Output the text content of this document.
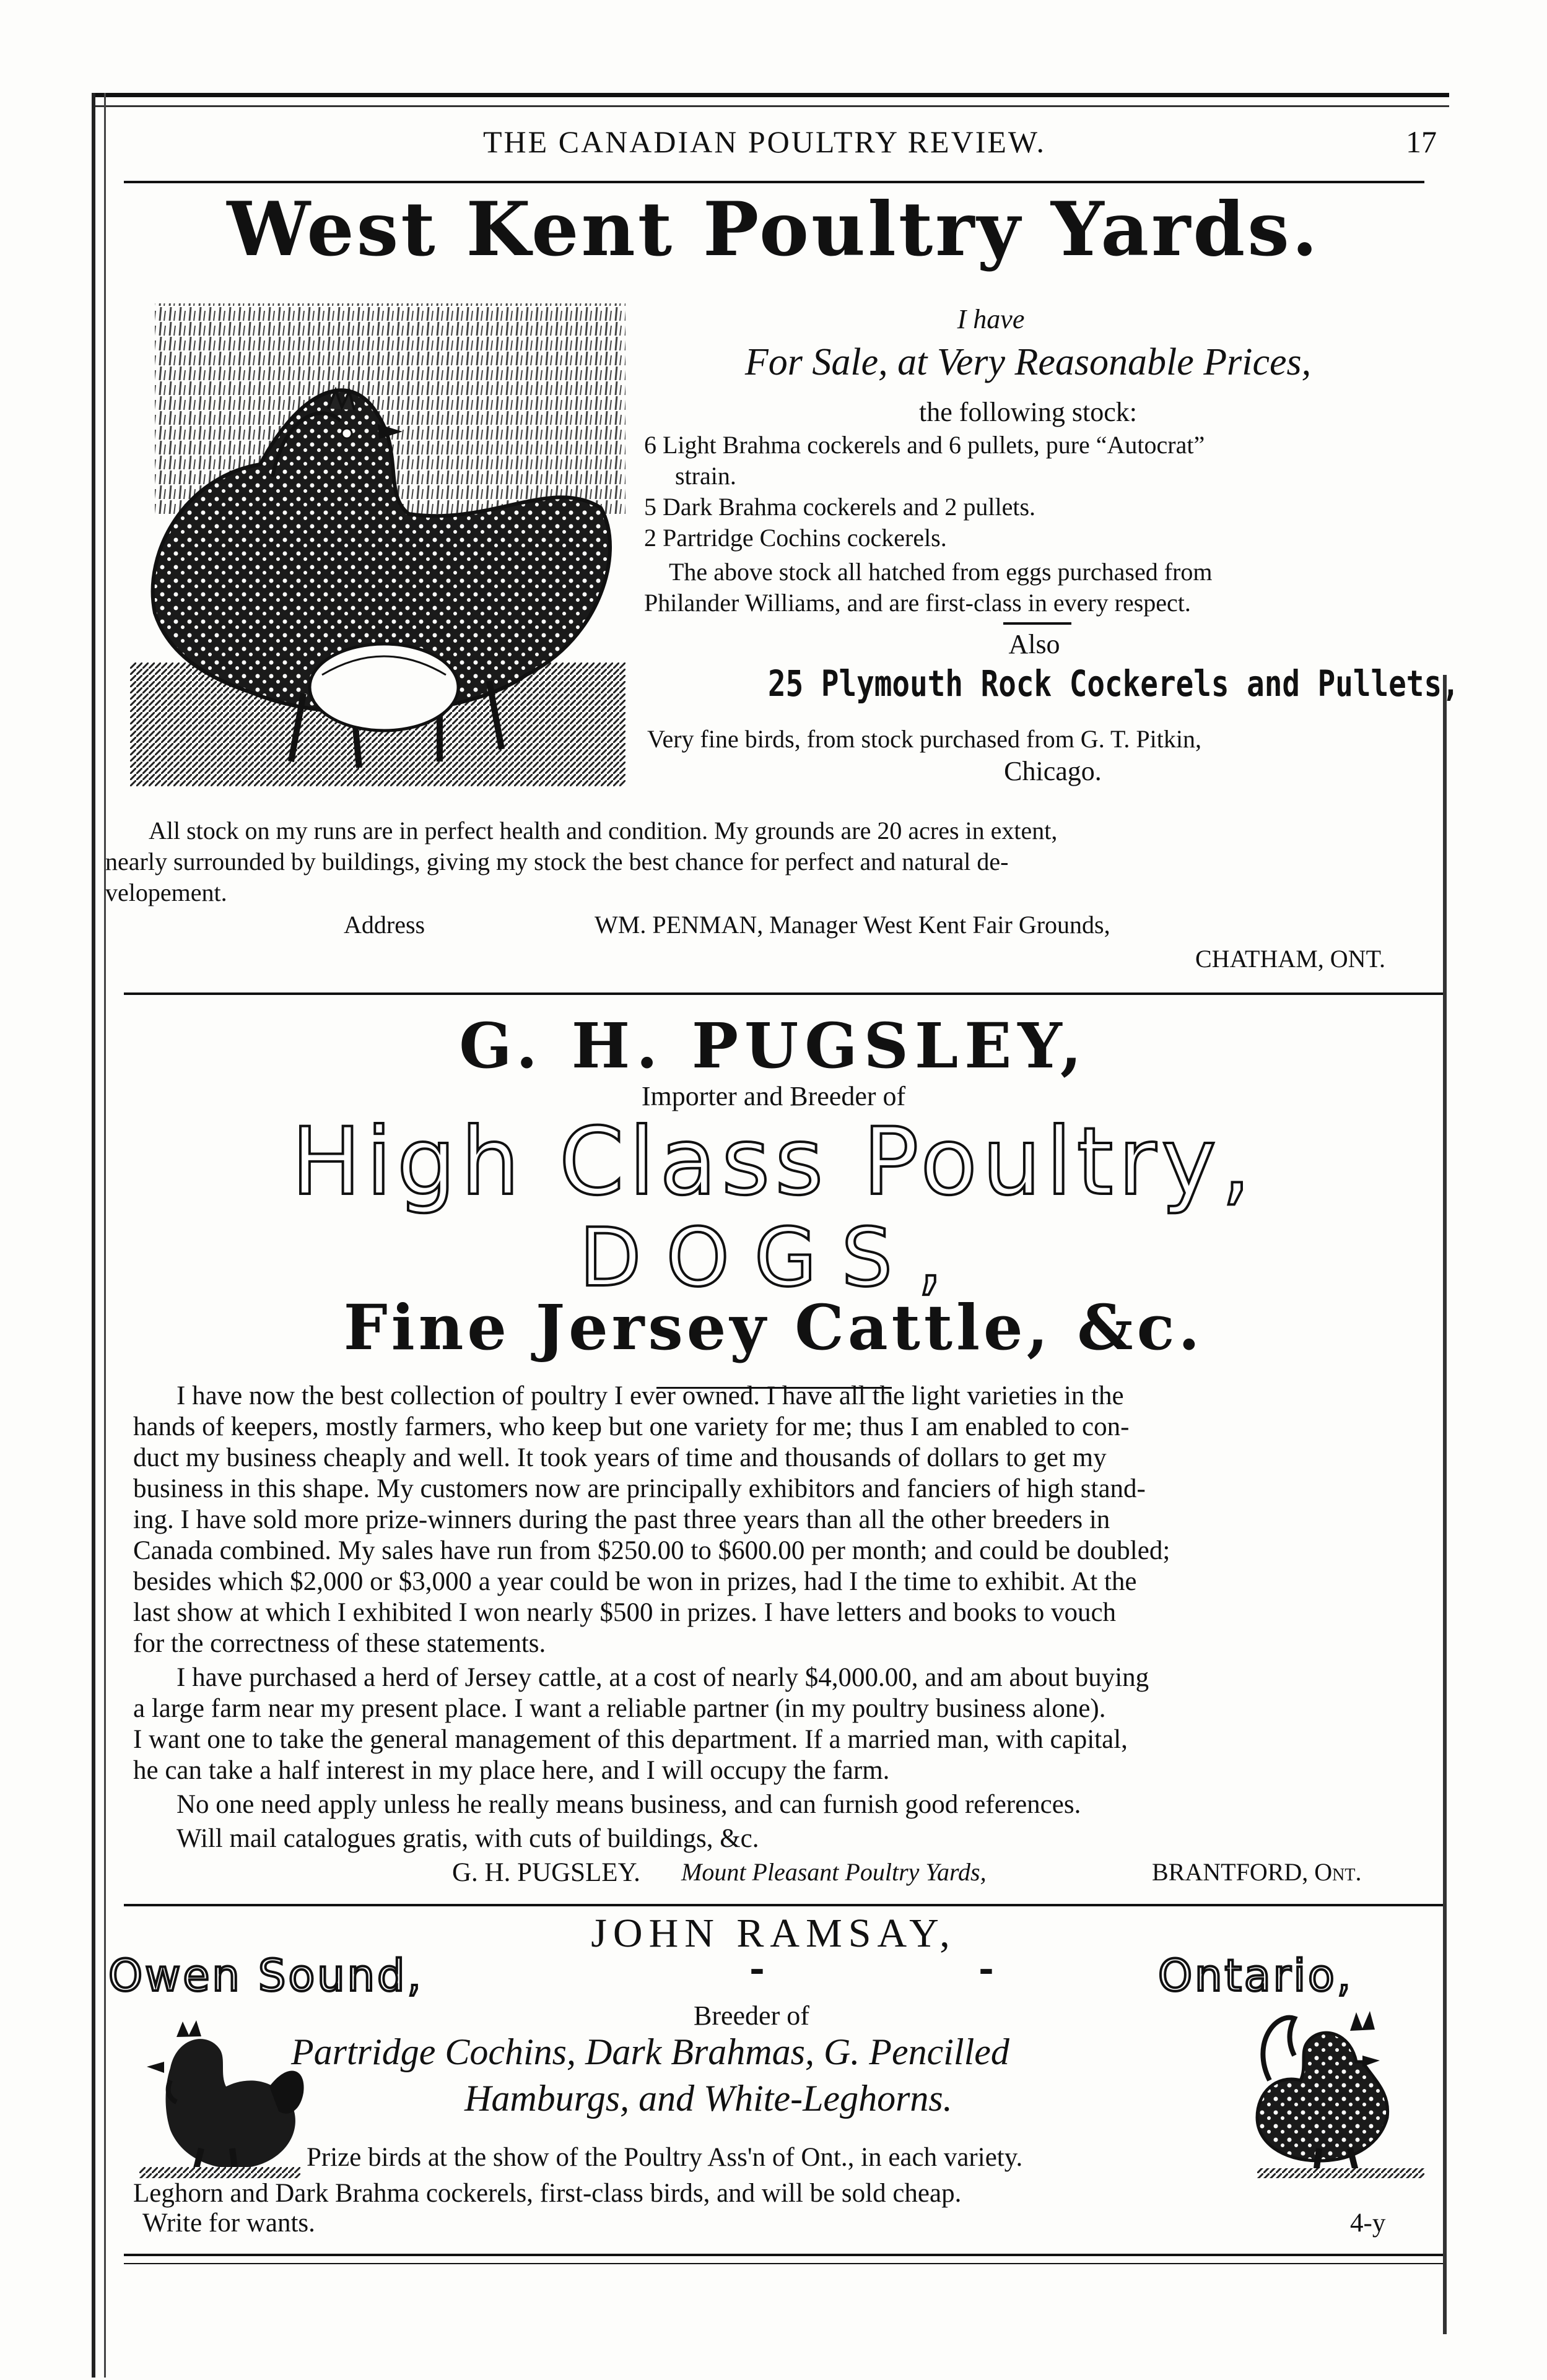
THE CANADIAN POULTRY REVIEW.	17
West Kent Poultry Yards.
I have
For Sale, at Very Reasonable Prices,
the following stock:
6 Light Brahma cockerels and 6 pullets, pure “Autocrat”
strain.
5 Dark Brahma cockerels and 2 pullets.
2 Partridge Cochins cockerels.
The above stock all hatched from eggs purchased from
Philander Williams, and are first-class in every respect.
Also
25 Plymouth Rock Cockerels and Pullets,
Very fine birds, from stock purchased from G. T. Pitkin,
Chicago.
All stock on my runs are in perfect health and condition. My grounds are 20 acres in extent,
nearly surrounded by buildings, giving my stock the best chance for perfect and natural de-
velopement.
Address	WM. PENMAN, Manager West Kent Fair Grounds,
CHATHAM, ONT.
G. H. PUGSLEY,
Importer and Breeder of
High Class Poultry,
DOGS,
Fine Jersey Cattle, &c.
I have now the best collection of poultry I ever owned. I have all the light varieties in the
hands of keepers, mostly farmers, who keep but one variety for me; thus I am enabled to con-
duct my business cheaply and well. It took years of time and thousands of dollars to get my
business in this shape. My customers now are principally exhibitors and fanciers of high stand-
ing. I have sold more prize-winners during the past three years than all the other breeders in
Canada combined. My sales have run from $250.00 to $600.00 per month; and could be doubled;
besides which $2,000 or $3,000 a year could be won in prizes, had I the time to exhibit. At the
last show at which I exhibited I won nearly $500 in prizes. I have letters and books to vouch
for the correctness of these statements.
I have purchased a herd of Jersey cattle, at a cost of nearly $4,000.00, and am about buying
a large farm near my present place. I want a reliable partner (in my poultry business alone).
I want one to take the general management of this department. If a married man, with capital,
he can take a half interest in my place here, and I will occupy the farm.
No one need apply unless he really means business, and can furnish good references.
Will mail catalogues gratis, with cuts of buildings, &c.
G. H. PUGSLEY. Mount Pleasant Poultry Yards,	BRANTFORD, Ont.
JOHN RAMSAY,
Owen Sound,	-	-	Ontario,
Breeder of
Partridge Cochins, Dark Brahmas, G. Pencilled
Hamburgs, and White-Leghorns.
Prize birds at the show of the Poultry Ass'n of Ont., in each variety.
Leghorn and Dark Brahma cockerels, first-class birds, and will be sold cheap.
Write for wants.	4-y
